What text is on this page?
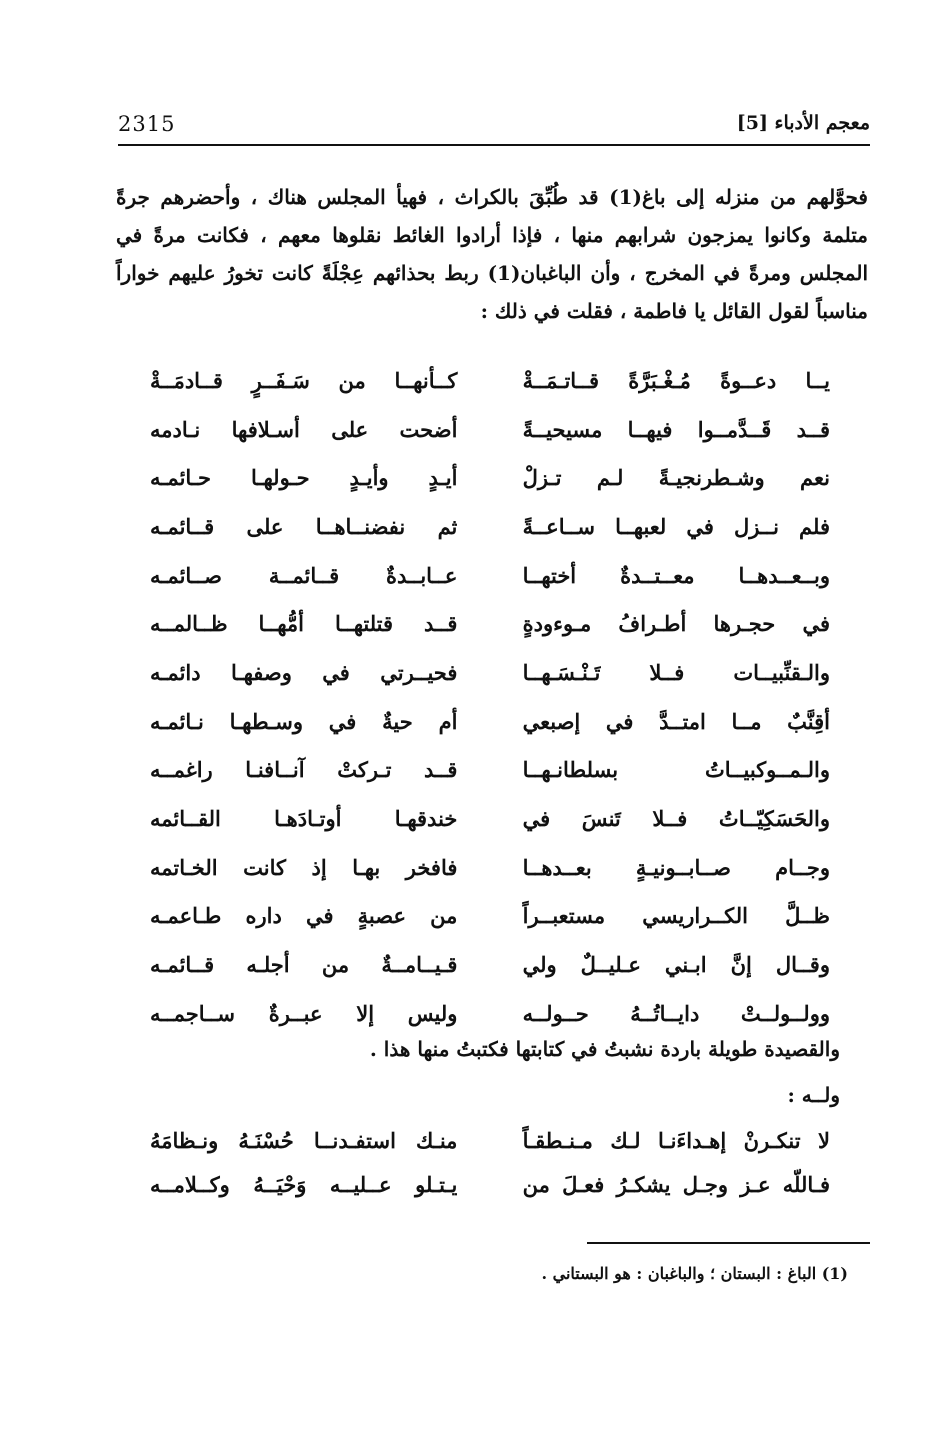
2315	معجم الأدباء [5]
فحوَّلهم من منزله إلى باغ(1) قد طُبِّقَ بالكراث ، فهيأ المجلس هناك ، وأحضرهم جرةً متلمة وكانوا يمزجون شرابهم منها ، فإذا أرادوا الغائط نقلوها معهم ، فكانت مرةً في المجلس ومرةً في المخرج ، وأن الباغبان(1) ربط بحذائهم عِجْلَةً كانت تخورُ عليهم خواراً مناسباً لقول القائل يا فاطمة ، فقلت في ذلك :
يــا دعــوةً مُـغْـبَرَّةً قــاتـمَــةْ
كــأنهــا من سَـفَــرٍ قــادمَــةْ
قــد قَــدَّمــوا فيهــا مسيحيــةً
أضحت على أسـلافها نـادمه
نعم وشـطرنجيـةً لـم تـزلْ
أيـدٍ وأيـدٍ حـولهـا حـائمـه
فلم نــزل في لعبهــا ســاعــةً
ثم نفضنــاهــا على قــائمـه
وبــعــدهــا معــتــدةٌ أختهــا
عــابــدةٌ قــائمــة صــائمـه
في حجـرها أطـرافُ مـوءودةٍ
قــد قتلتهــا أمُّهــا ظــالمــه
والـقنِّبيــات فــلا تَـنْـسَـهــا
فحيــرتي في وصفهـا دائمـه
أقِنَّبٌ مــا امتــدَّ في إصبعي
أم حيةٌ في وسـطهـا نـائمـه
والـمــوكبيــاتُ بسلطانـهــا
قــد تـركتْ آنــافنـا راغمــه
والحَسَكِيّــاتُ فــلا تَنسَ في
خندقهـا أوتـادَهـا القــائمه
وجــام صــابــونيـةٍ بعــدهــا
فافخر بهـا إذ كانت الخـاتمه
ظــلَّ الكــراريسي مستعبــراً
من عصبةٍ في داره طـاعمـه
وقــال إنَّ ابـني عـليــلٌ ولي
قـيــامــةٌ من أجلـه قــائمـه
وولــولــتْ دايــاتُــهُ حــولــه
وليس إلا عبــرةٌ ســاجمــه
والقصيدة طويلة باردة نشبتُ في كتابتها فكتبتُ منها هذا .
ولــه :
لا تنكـرنْ إهـداءَنـا لـك مـنـطقـاً
منـك استفـدنــا حُسْنَـهُ ونـظامَهُ
فـاللّه عـز وجـل يشكـرُ فعـلَ من
يـتـلو عــليــه وَحْيَــهُ وكــلامــه
(1) الباغ : البستان ؛ والباغبان : هو البستاني .
